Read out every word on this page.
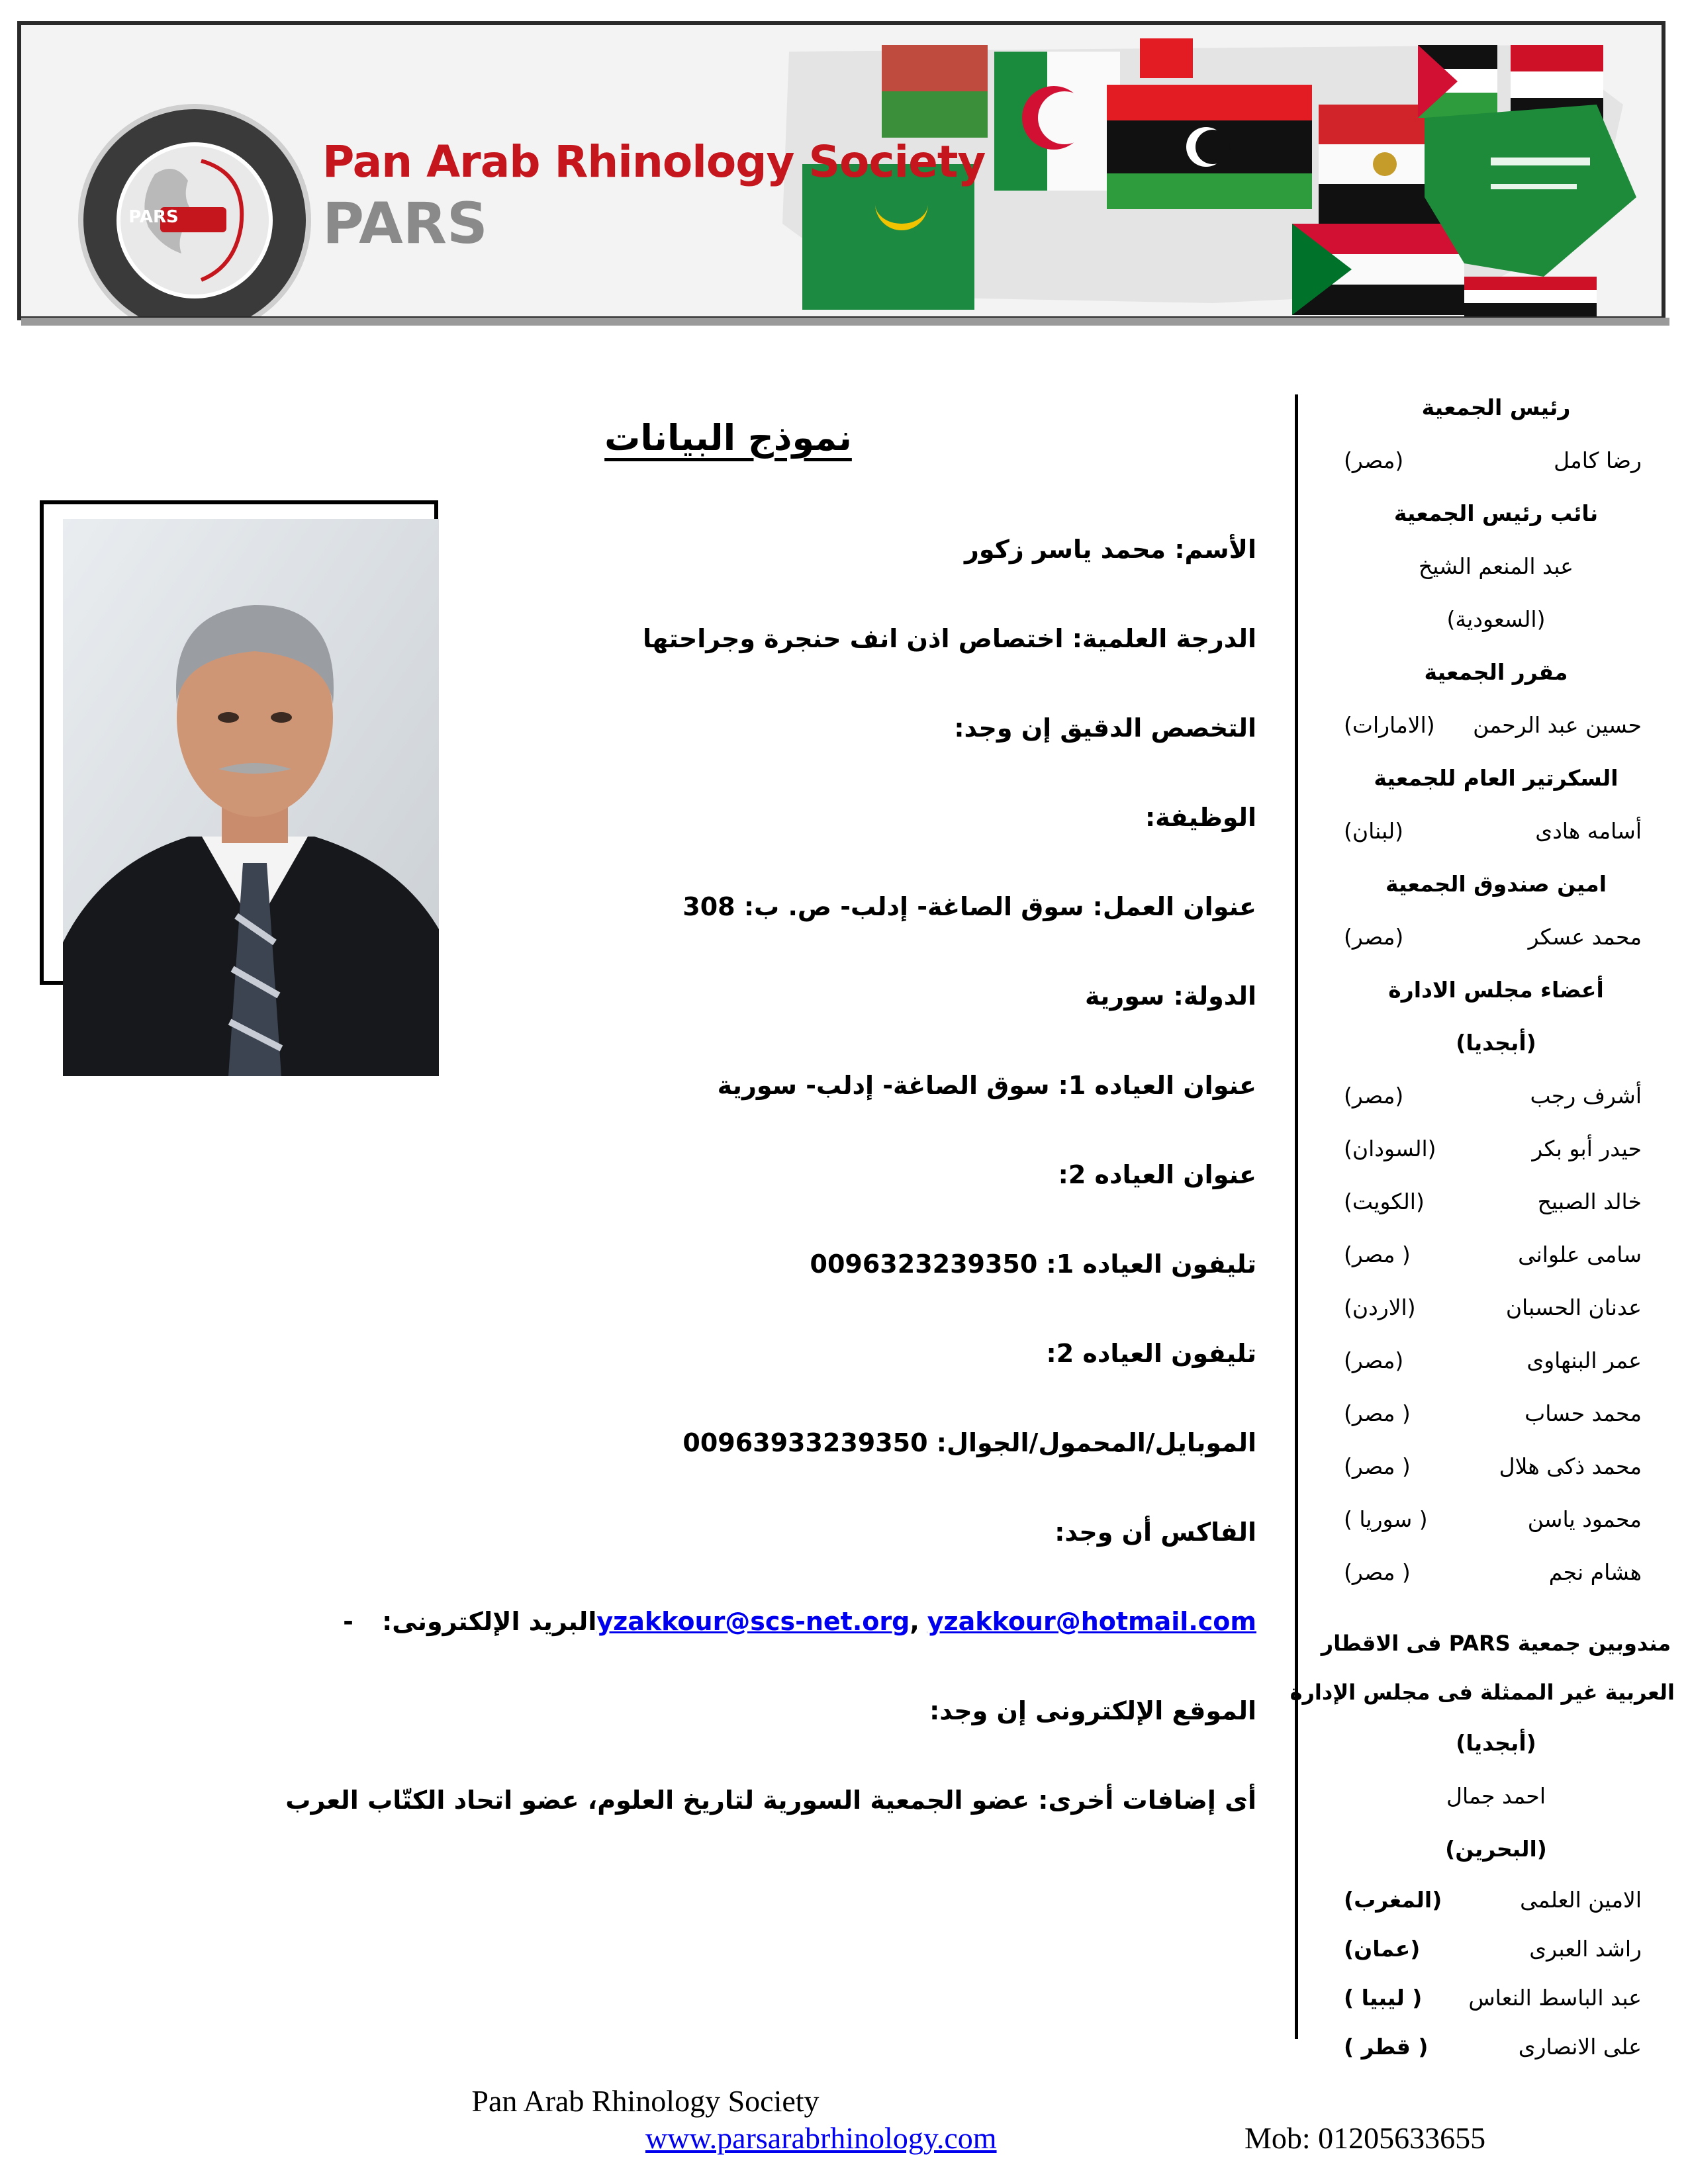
PARS
Pan Arab Rhinology Society
PARS
رئيس الجمعية
رضا كامل
(مصر)
نائب رئيس الجمعية
عبد المنعم الشيخ
(السعودية)
مقرر الجمعية
حسين عبد الرحمن
(الامارات)
السكرتير العام للجمعية
أسامه هادى
(لبنان)
امين صندوق الجمعية
محمد عسكر
(مصر)
أعضاء مجلس الادارة
(أبجديا)
أشرف رجب
(مصر)
حيدر أبو بكر
(السودان)
خالد الصبيح
(الكويت)
سامى علوانى
( مصر)
عدنان الحسبان
(الاردن)
عمر البنهاوى
(مصر)
محمد حساب
( مصر)
محمد ذكى هلال
( مصر)
محمود ياسن
( سوريا )
هشام نجم
( مصر)
مندوبين جمعية PARS فى الاقطار
العربية غير الممثلة فى مجلس الإدارة
(أبجديا)
احمد جمال
(البحرين)
الامين العلمى
(المغرب)
راشد العبرى
(عمان)
عبد الباسط النعاس
( ليبيا )
على الانصارى
( قطر )
نموذج البيانات
الأسم: محمد ياسر زكور
الدرجة العلمية: اختصاص اذن انف حنجرة وجراحتها
التخصص الدقيق إن وجد:
الوظيفة:
عنوان العمل: سوق الصاغة- إدلب- ص. ب: 308
الدولة: سورية
عنوان العياده 1: سوق الصاغة- إدلب- سورية
عنوان العياده 2:
تليفون العياده 1: 0096323239350
تليفون العياده 2:
الموبايل/المحمول/الجوال: 00963933239350
الفاكس أن وجد:
- البريد الإلكترونى:yzakkour@scs-net.org, yzakkour@hotmail.com
الموقع الإلكترونى إن وجد:
أى إضافات أخرى: عضو الجمعية السورية لتاريخ العلوم، عضو اتحاد الكتّاب العرب
Pan Arab Rhinology Society
www.parsarabrhinology.com	Mob: 01205633655
